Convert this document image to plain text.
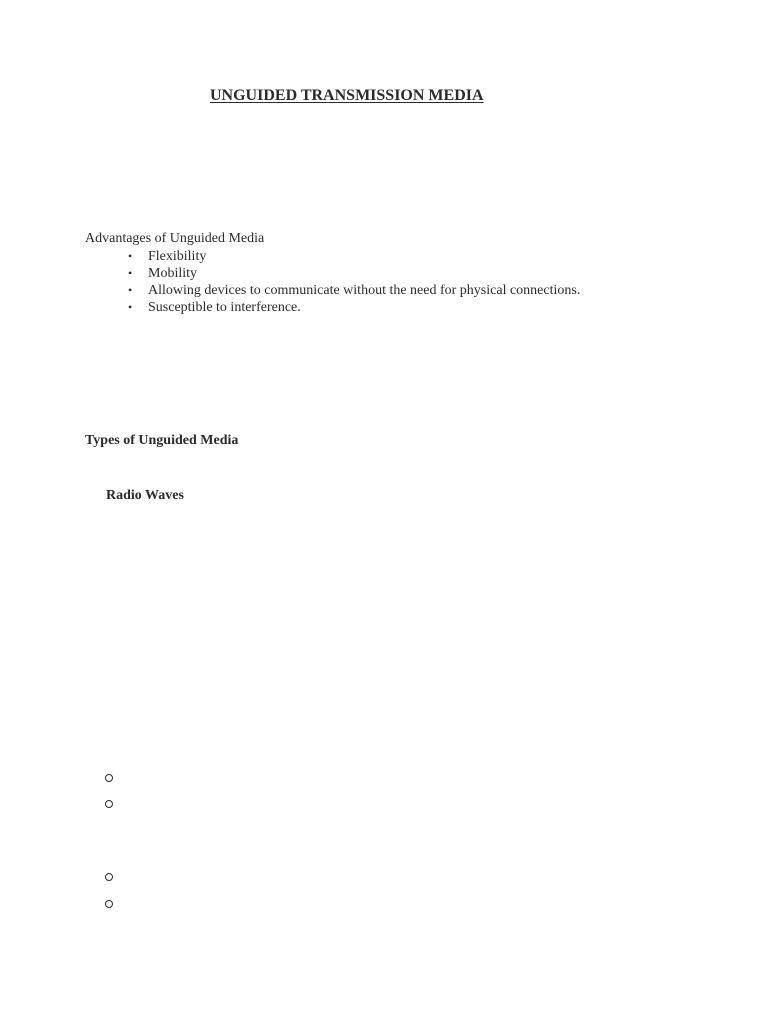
UNGUIDED TRANSMISSION MEDIA

Advantages of Unguided Media

• Flexibility
• Mobility
• Allowing devices to communicate without the need for physical connections.
• Susceptible to interference.
Types of Unguided Media
Radio Waves
